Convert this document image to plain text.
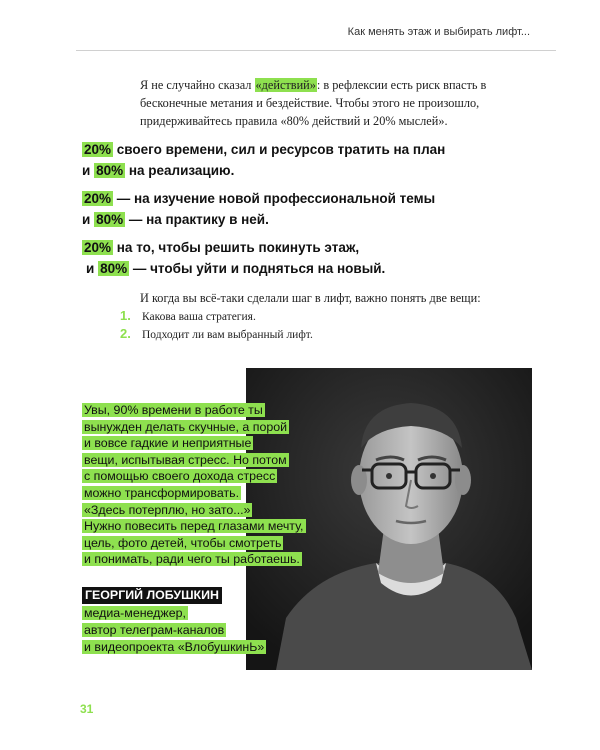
Как менять этаж и выбирать лифт...
Я не случайно сказал «действий»: в рефлексии есть риск впасть в бесконечные метания и бездействие. Чтобы этого не произошло, придерживайтесь правила «80% действий и 20% мыслей».
20% своего времени, сил и ресурсов тратить на план
и 80% на реализацию.
20% — на изучение новой профессиональной темы
и 80% — на практику в ней.
20% на то, чтобы решить покинуть этаж,
и 80% — чтобы уйти и подняться на новый.
И когда вы всё-таки сделали шаг в лифт, важно понять две вещи:
1. Какова ваша стратегия.
2. Подходит ли вам выбранный лифт.
Увы, 90% времени в работе ты
вынужден делать скучные, а порой
и вовсе гадкие и неприятные
вещи, испытывая стресс. Но потом
с помощью своего дохода стресс
можно трансформировать.
«Здесь потерплю, но зато...»
Нужно повесить перед глазами мечту,
цель, фото детей, чтобы смотреть
и понимать, ради чего ты работаешь.
ГЕОРГИЙ ЛОБУШКИН
медиа-менеджер,
автор телеграм-каналов
и видеопроекта «ВлобушкинЬ»
31
